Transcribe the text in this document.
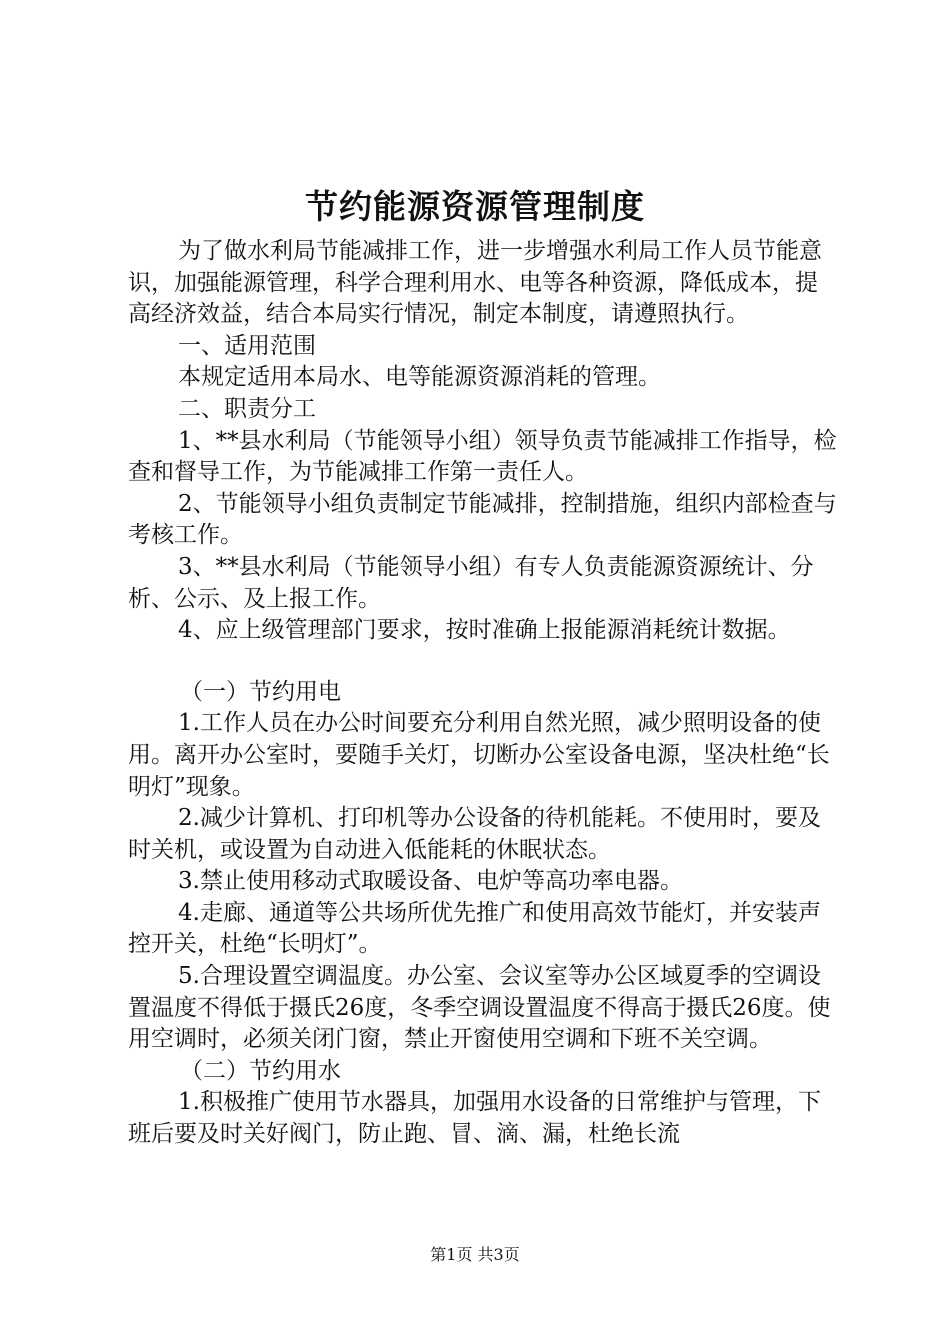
节约能源资源管理制度

为了做水利局节能减排工作，进一步增强水利局工作人员节能意识，加强能源管理，科学合理利用水、电等各种资源，降低成本，提高经济效益，结合本局实行情况，制定本制度，请遵照执行。

一、适用范围

本规定适用本局水、电等能源资源消耗的管理。

二、职责分工

1、**县水利局（节能领导小组）领导负责节能减排工作指导，检查和督导工作，为节能减排工作第一责任人。

2、节能领导小组负责制定节能减排，控制措施，组织内部检查与考核工作。

3、**县水利局（节能领导小组）有专人负责能源资源统计、分析、公示、及上报工作。

4、应上级管理部门要求，按时准确上报能源消耗统计数据。

（一）节约用电

1.工作人员在办公时间要充分利用自然光照，减少照明设备的使用。离开办公室时，要随手关灯，切断办公室设备电源，坚决杜绝“长明灯”现象。

2.减少计算机、打印机等办公设备的待机能耗。不使用时，要及时关机，或设置为自动进入低能耗的休眠状态。

3.禁止使用移动式取暖设备、电炉等高功率电器。

4.走廊、通道等公共场所优先推广和使用高效节能灯，并安装声控开关，杜绝“长明灯”。

5.合理设置空调温度。办公室、会议室等办公区域夏季的空调设置温度不得低于摄氏26度，冬季空调设置温度不得高于摄氏26度。使用空调时，必须关闭门窗，禁止开窗使用空调和下班不关空调。

（二）节约用水

1.积极推广使用节水器具，加强用水设备的日常维护与管理，下班后要及时关好阀门，防止跑、冒、滴、漏，杜绝长流

第1页 共3页
